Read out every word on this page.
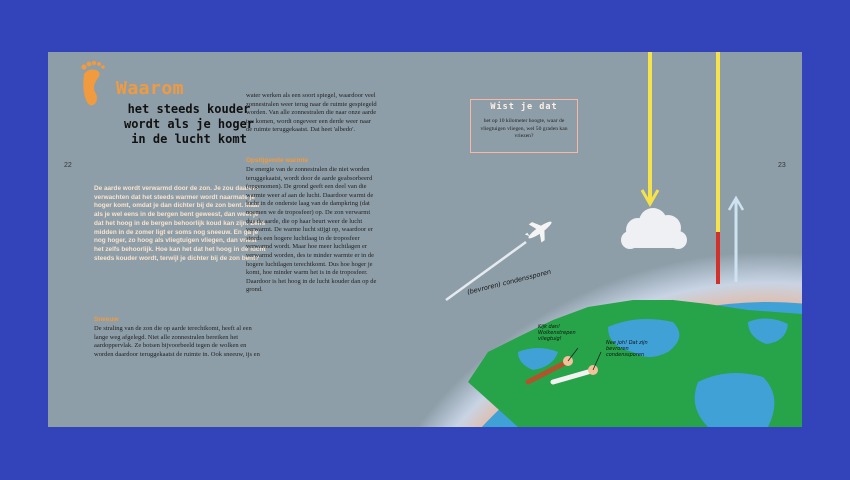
Waarom

het steeds kouder wordt als je hoger in de lucht komt

22	23

De aarde wordt verwarmd door de zon. Je zou daarom verwachten dat het steeds warmer wordt naarmate je hoger komt, omdat je dan dichter bij de zon bent. Maar als je wel eens in de bergen bent geweest, dan weet je dat het hoog in de bergen behoorlijk koud kan zijn. Zelfs midden in de zomer ligt er soms nog sneeuw. En ga je nog hoger, zo hoog als vliegtuigen vliegen, dan vriest het zelfs behoorlijk. Hoe kan het dat het hoog in de lucht steeds kouder wordt, terwijl je dichter bij de zon bent?

Sneeuw

De straling van de zon die op aarde terechtkomt, heeft al een lange weg afgelegd. Niet alle zonnestralen bereiken het aardoppervlak. Ze botsen bijvoorbeeld tegen de wolken en worden daardoor teruggekaatst de ruimte in. Ook sneeuw, ijs en

water werken als een soort spiegel, waardoor veel zonnestralen weer terug naar de ruimte gespiegeld worden. Van alle zonnestralen die naar onze aarde toe komen, wordt ongeveer een derde weer naar de ruimte teruggekaatst. Dat heet 'albedo'.

Opstijgende warmte

De energie van de zonnestralen die niet worden teruggekaatst, wordt door de aarde geabsorbeerd (opgenomen). De grond geeft een deel van die warmte weer af aan de lucht. Daardoor warmt de lucht in de onderste laag van de dampkring (dat noemen we de troposfeer) op. De zon verwarmt dus de aarde, die op haar beurt weer de lucht verwarmt. De warme lucht stijgt op, waardoor er steeds een hogere luchtlaag in de troposfeer verwarmd wordt. Maar hoe meer luchtlagen er verwarmd worden, des te minder warmte er in de hogere luchtlagen terechtkomt. Dus hoe hoger je komt, hoe minder warm het is in de troposfeer. Daardoor is het hoog in de lucht kouder dan op de grond.

Wist je dat

het op 10 kilometer hoogte, waar de vliegtuigen vliegen, wel 50 graden kan vriezen?

(bevroren) condenssporen

Kijk dan! Wolkenstrepen vliegtuig!

Nee joh! Dat zijn bevroren condenssporen
